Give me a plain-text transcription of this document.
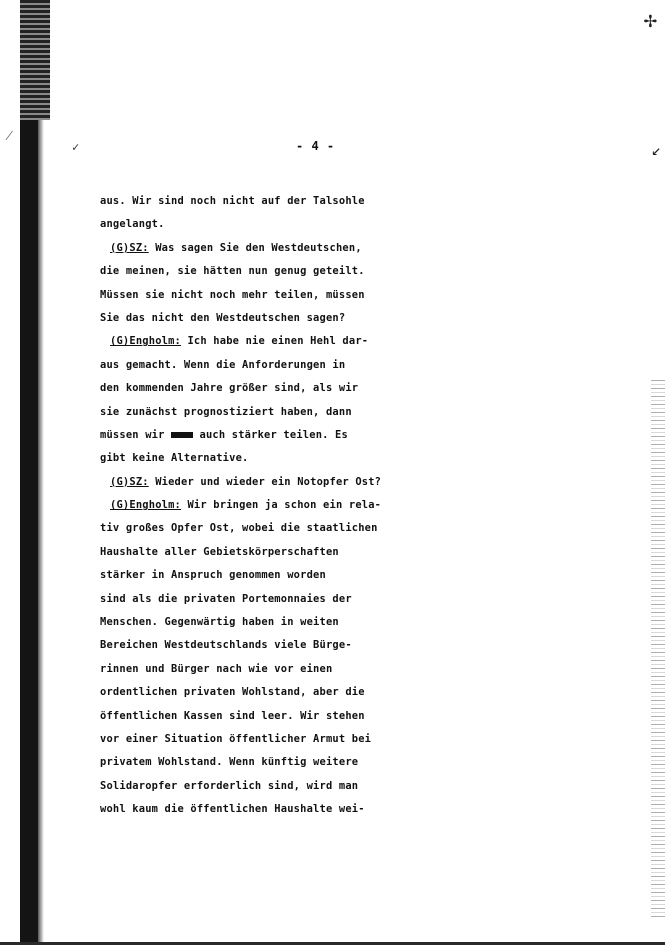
✢
↙
⁄
✓	- 4 -
aus. Wir sind noch nicht auf der Talsohle
angelangt.
(G)SZ: Was sagen Sie den Westdeutschen,
die meinen, sie hätten nun genug geteilt.
Müssen sie nicht noch mehr teilen, müssen
Sie das nicht den Westdeutschen sagen?
(G)Engholm: Ich habe nie einen Hehl dar-
aus gemacht. Wenn die Anforderungen in
den kommenden Jahre größer sind, als wir
sie zunächst prognostiziert haben, dann
müssen wir	auch stärker teilen. Es
gibt keine Alternative.
(G)SZ: Wieder und wieder ein Notopfer Ost?
(G)Engholm: Wir bringen ja schon ein rela-
tiv großes Opfer Ost, wobei die staatlichen
Haushalte aller Gebietskörperschaften
stärker in Anspruch genommen worden
sind als die privaten Portemonnaies der
Menschen. Gegenwärtig haben in weiten
Bereichen Westdeutschlands viele Bürge-
rinnen und Bürger nach wie vor einen
ordentlichen privaten Wohlstand, aber die
öffentlichen Kassen sind leer. Wir stehen
vor einer Situation öffentlicher Armut bei
privatem Wohlstand. Wenn künftig weitere
Solidaropfer erforderlich sind, wird man
wohl kaum die öffentlichen Haushalte wei-
